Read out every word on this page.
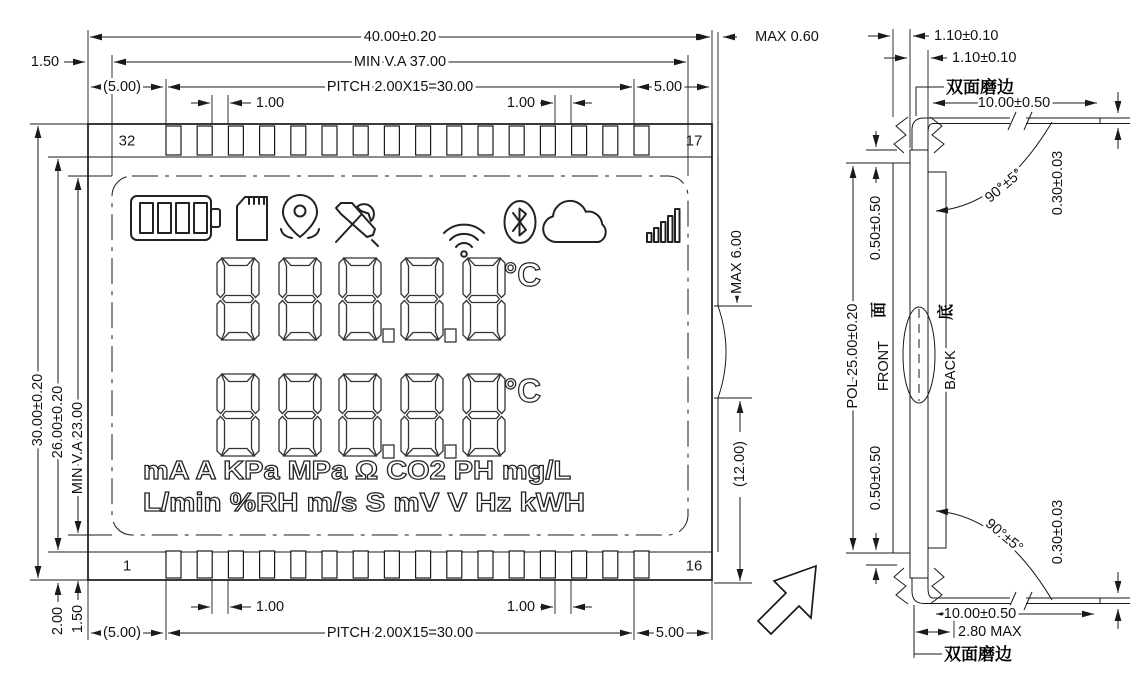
32	17
1	16
40.00±0.20	MAX 0.60
MIN V.A 37.00
1.50
(5.00)	PITCH 2.00X15=30.00	5.00
1.00	1.00
30.00±0.20 26.00±0.20 MIN V.A 23.00
2.00 1.50
MAX 6.00
(12.00)
1.00	1.00
PITCH 2.00X15=30.00
(5.00)	5.00
°C
°C
mA A KPa MPa Ω CO2 PH mg/L
L/min %RH m/s S mV V Hz kWH
1.10±0.10
1.10±0.10
双面磨边
10.00±0.50
90°±5° 0.30±0.03
POL 25.00±0.20
0.50±0.50
面
FRONT
底
BACK
0.50±0.50
90°±5° 0.30±0.03
10.00±0.50
2.80 MAX
双面磨边
